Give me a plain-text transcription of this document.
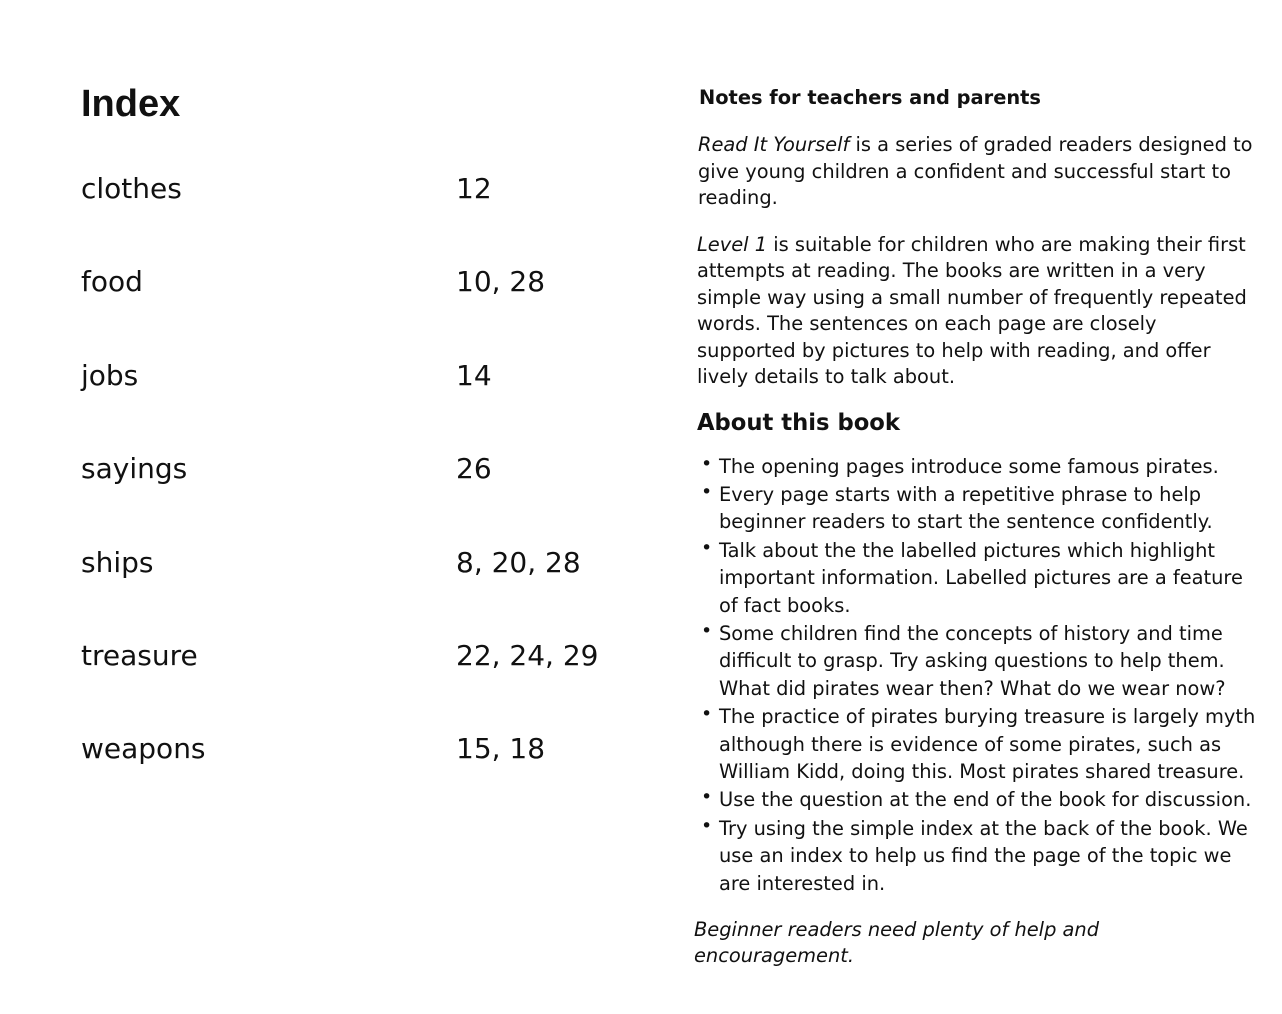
Index
clothes	12
food	10, 28
jobs	14
sayings	26
ships	8, 20, 28
treasure	22, 24, 29
weapons	15, 18
Notes for teachers and parents

Read It Yourself is a series of graded readers designed to give young children a confident and successful start to reading.

Level 1 is suitable for children who are making their first attempts at reading. The books are written in a very simple way using a small number of frequently repeated words. The sentences on each page are closely supported by pictures to help with reading, and offer lively details to talk about.

About this book
• The opening pages introduce some famous pirates.
• Every page starts with a repetitive phrase to help beginner readers to start the sentence confidently.
• Talk about the the labelled pictures which highlight important information. Labelled pictures are a feature of fact books.
• Some children find the concepts of history and time difficult to grasp. Try asking questions to help them. What did pirates wear then? What do we wear now?
• The practice of pirates burying treasure is largely myth although there is evidence of some pirates, such as William Kidd, doing this. Most pirates shared treasure.
• Use the question at the end of the book for discussion.
• Try using the simple index at the back of the book. We use an index to help us find the page of the topic we are interested in.

Beginner readers need plenty of help and encouragement.
